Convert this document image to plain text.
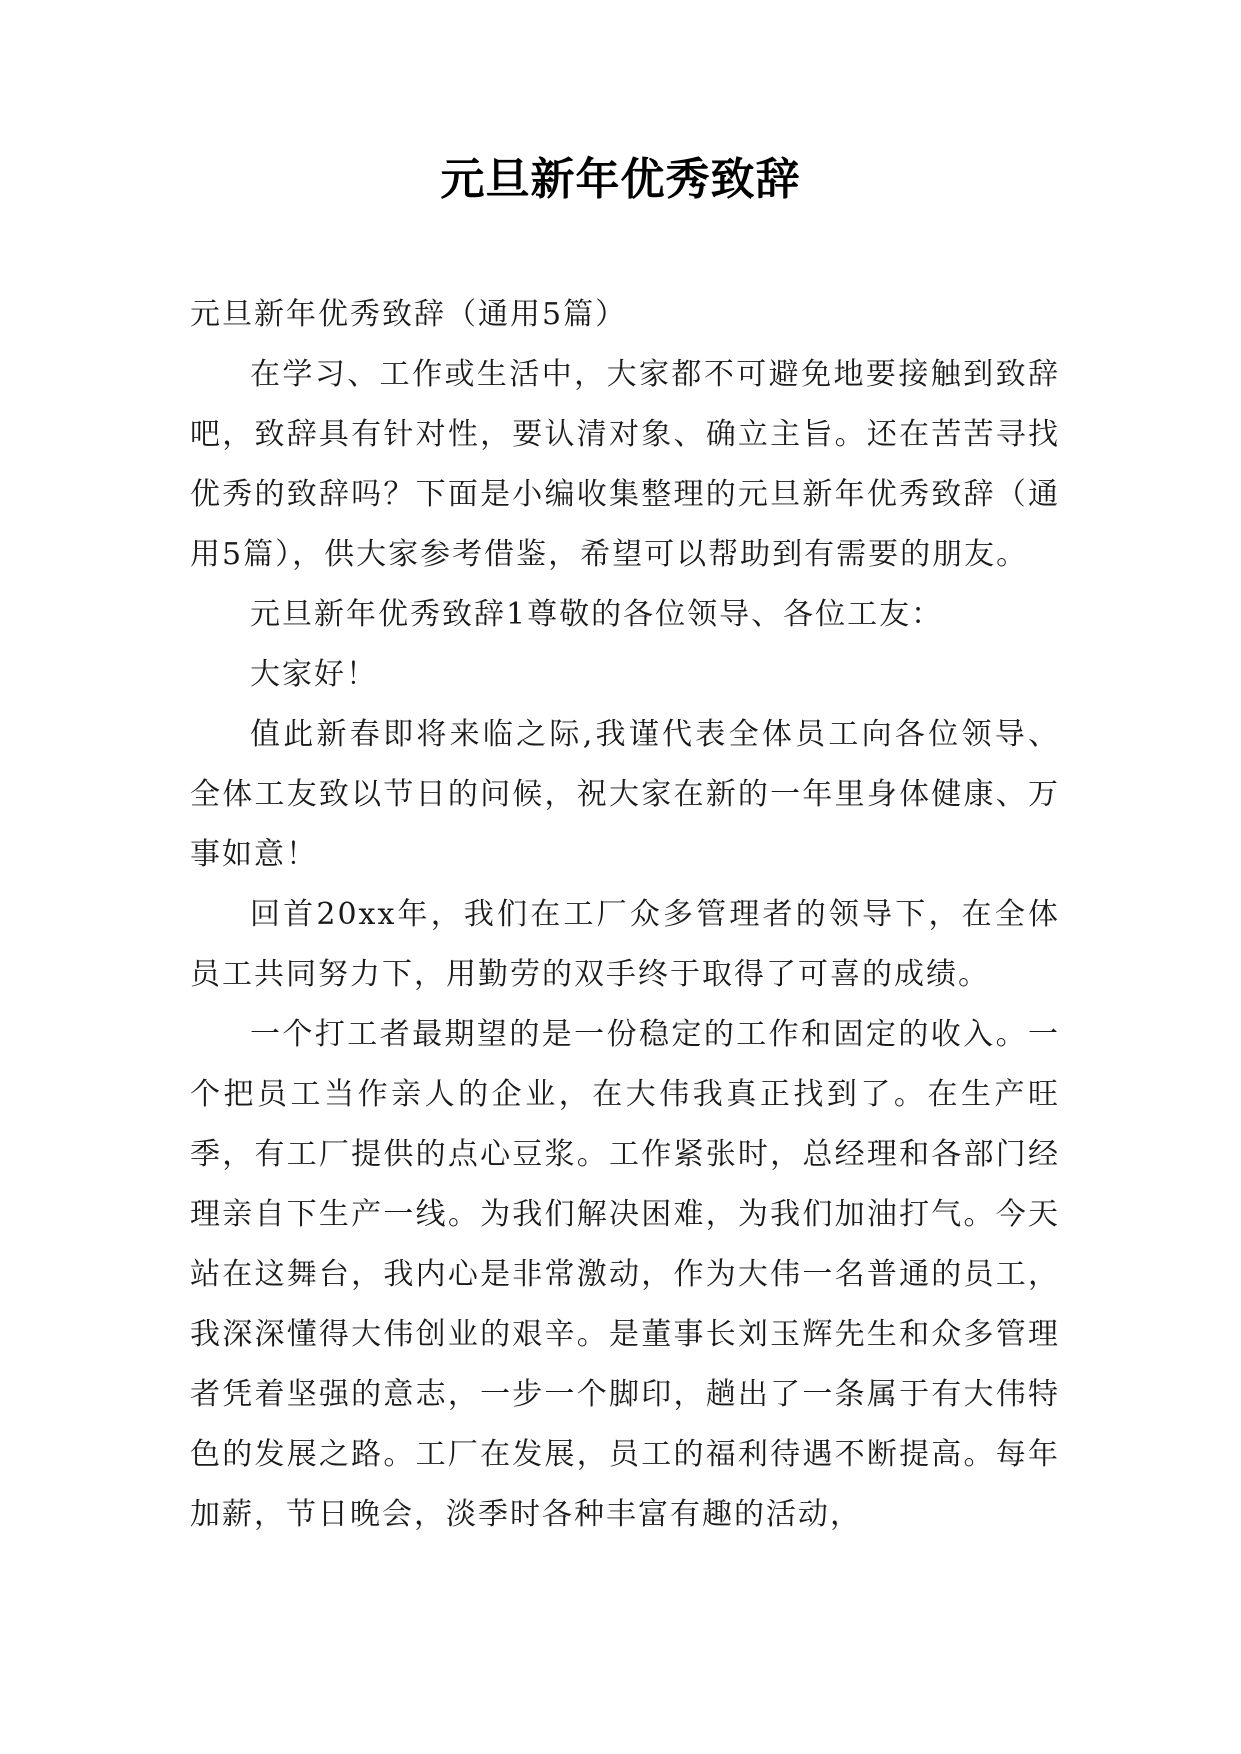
元旦新年优秀致辞

元旦新年优秀致辞（通用5篇）

在学习、工作或生活中，大家都不可避免地要接触到致辞吧，致辞具有针对性，要认清对象、确立主旨。还在苦苦寻找优秀的致辞吗？下面是小编收集整理的元旦新年优秀致辞（通用5篇），供大家参考借鉴，希望可以帮助到有需要的朋友。

元旦新年优秀致辞1尊敬的各位领导、各位工友：

大家好！

值此新春即将来临之际,我谨代表全体员工向各位领导、全体工友致以节日的问候，祝大家在新的一年里身体健康、万事如意！

回首20xx年，我们在工厂众多管理者的领导下，在全体员工共同努力下，用勤劳的双手终于取得了可喜的成绩。

一个打工者最期望的是一份稳定的工作和固定的收入。一个把员工当作亲人的企业，在大伟我真正找到了。在生产旺季，有工厂提供的点心豆浆。工作紧张时，总经理和各部门经理亲自下生产一线。为我们解决困难，为我们加油打气。今天站在这舞台，我内心是非常激动，作为大伟一名普通的员工，我深深懂得大伟创业的艰辛。是董事长刘玉辉先生和众多管理者凭着坚强的意志，一步一个脚印，趟出了一条属于有大伟特色的发展之路。工厂在发展，员工的福利待遇不断提高。每年加薪，节日晚会，淡季时各种丰富有趣的活动，
